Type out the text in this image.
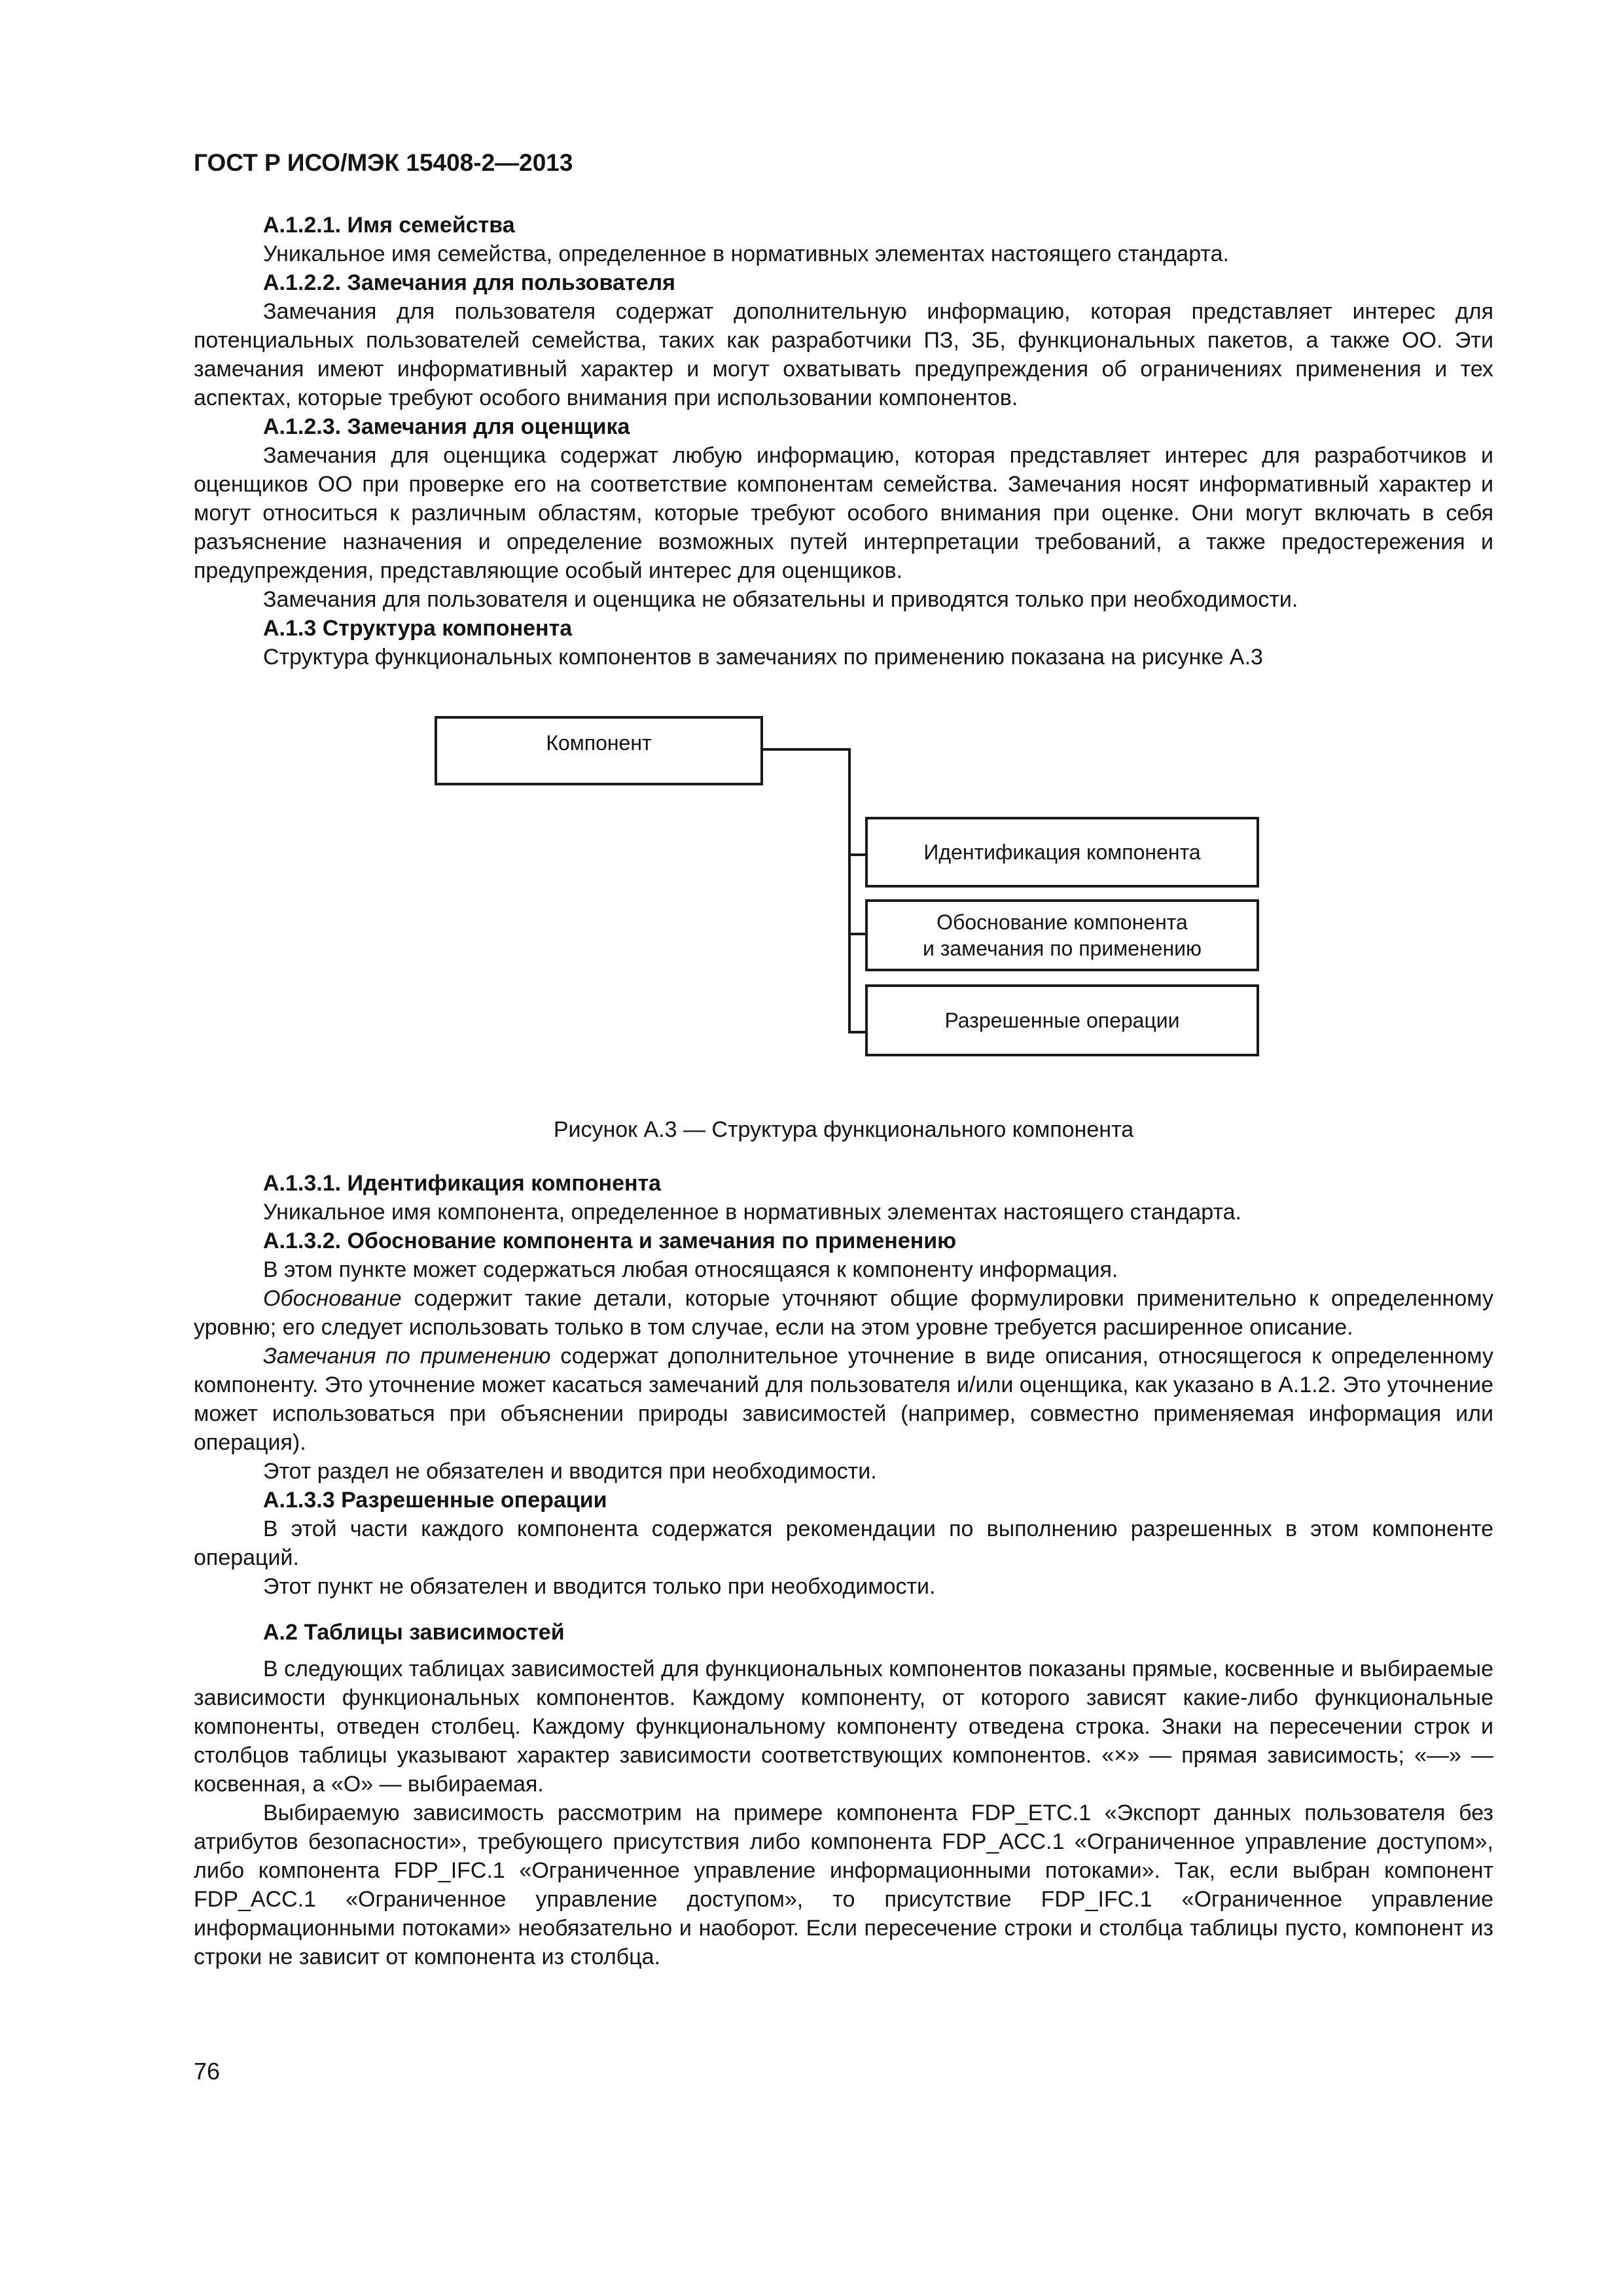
ГОСТ Р ИСО/МЭК 15408-2—2013

А.1.2.1. Имя семейства

Уникальное имя семейства, определенное в нормативных элементах настоящего стандарта.

А.1.2.2. Замечания для пользователя

Замечания для пользователя содержат дополнительную информацию, которая представляет интерес для потенциальных пользователей семейства, таких как разработчики ПЗ, ЗБ, функциональных пакетов, а также ОО. Эти замечания имеют информативный характер и могут охватывать предупреждения об ограничениях применения и тех аспектах, которые требуют особого внимания при использовании компонентов.

А.1.2.3. Замечания для оценщика

Замечания для оценщика содержат любую информацию, которая представляет интерес для разработчиков и оценщиков ОО при проверке его на соответствие компонентам семейства. Замечания носят информативный характер и могут относиться к различным областям, которые требуют особого внимания при оценке. Они могут включать в себя разъяснение назначения и определение возможных путей интерпретации требований, а также предостережения и предупреждения, представляющие особый интерес для оценщиков.

Замечания для пользователя и оценщика не обязательны и приводятся только при необходимости.

А.1.3 Структура компонента

Структура функциональных компонентов в замечаниях по применению показана на рисунке А.3

Компонент
Идентификация компонента
Обоснование компонента
и замечания по применению
Разрешенные операции

Рисунок А.3 — Структура функционального компонента

А.1.3.1. Идентификация компонента

Уникальное имя компонента, определенное в нормативных элементах настоящего стандарта.

А.1.3.2. Обоснование компонента и замечания по применению

В этом пункте может содержаться любая относящаяся к компоненту информация.

Обоснование содержит такие детали, которые уточняют общие формулировки применительно к определенному уровню; его следует использовать только в том случае, если на этом уровне требуется расширенное описание.

Замечания по применению содержат дополнительное уточнение в виде описания, относящегося к определенному компоненту. Это уточнение может касаться замечаний для пользователя и/или оценщика, как указано в А.1.2. Это уточнение может использоваться при объяснении природы зависимостей (например, совместно применяемая информация или операция).

Этот раздел не обязателен и вводится при необходимости.

А.1.3.3 Разрешенные операции

В этой части каждого компонента содержатся рекомендации по выполнению разрешенных в этом компоненте операций.

Этот пункт не обязателен и вводится только при необходимости.

А.2 Таблицы зависимостей

В следующих таблицах зависимостей для функциональных компонентов показаны прямые, косвенные и выбираемые зависимости функциональных компонентов. Каждому компоненту, от которого зависят какие-либо функциональные компоненты, отведен столбец. Каждому функциональному компоненту отведена строка. Знаки на пересечении строк и столбцов таблицы указывают характер зависимости соответствующих компонентов. «×» — прямая зависимость; «—» — косвенная, а «О» — выбираемая.

Выбираемую зависимость рассмотрим на примере компонента FDP_ETC.1 «Экспорт данных пользователя без атрибутов безопасности», требующего присутствия либо компонента FDP_ACC.1 «Ограниченное управление доступом», либо компонента FDP_IFC.1 «Ограниченное управление информационными потоками». Так, если выбран компонент FDP_ACC.1 «Ограниченное управление доступом», то присутствие FDP_IFC.1 «Ограниченное управление информационными потоками» необязательно и наоборот. Если пересечение строки и столбца таблицы пусто, компонент из строки не зависит от компонента из столбца.

76
